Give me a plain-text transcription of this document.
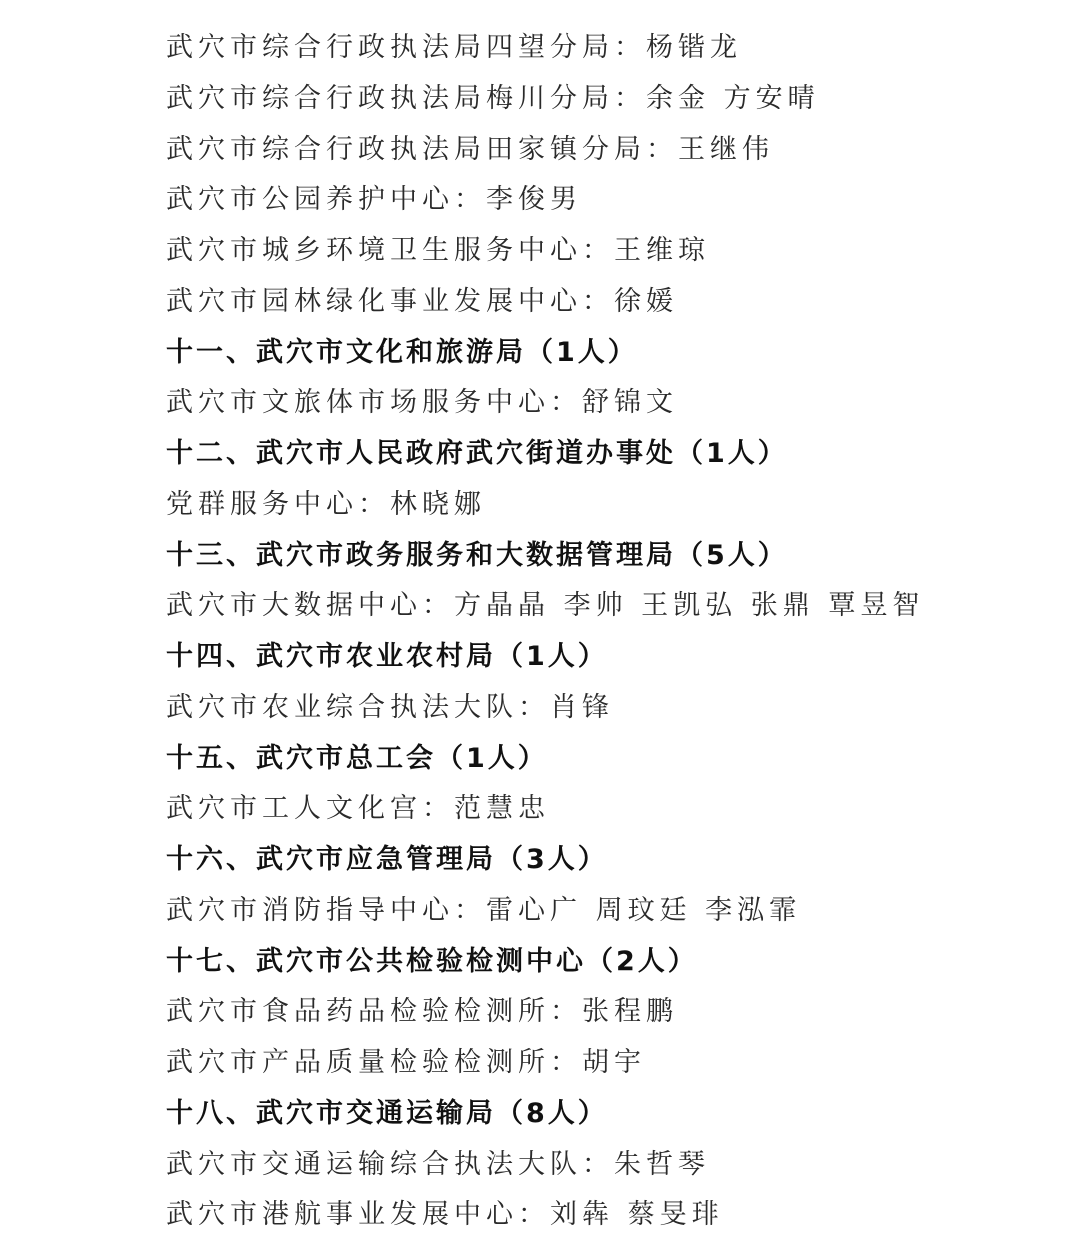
武穴市综合行政执法局四望分局：杨锴龙
武穴市综合行政执法局梅川分局：余金 方安晴
武穴市综合行政执法局田家镇分局：王继伟
武穴市公园养护中心：李俊男
武穴市城乡环境卫生服务中心：王维琼
武穴市园林绿化事业发展中心：徐媛
十一、武穴市文化和旅游局（1人）
武穴市文旅体市场服务中心：舒锦文
十二、武穴市人民政府武穴街道办事处（1人）
党群服务中心：林晓娜
十三、武穴市政务服务和大数据管理局（5人）
武穴市大数据中心：方晶晶 李帅 王凯弘 张鼎 覃昱智
十四、武穴市农业农村局（1人）
武穴市农业综合执法大队：肖锋
十五、武穴市总工会（1人）
武穴市工人文化宫：范慧忠
十六、武穴市应急管理局（3人）
武穴市消防指导中心：雷心广 周玟廷 李泓霏
十七、武穴市公共检验检测中心（2人）
武穴市食品药品检验检测所：张程鹏
武穴市产品质量检验检测所：胡宇
十八、武穴市交通运输局（8人）
武穴市交通运输综合执法大队：朱哲琴
武穴市港航事业发展中心：刘犇 蔡旻琲
